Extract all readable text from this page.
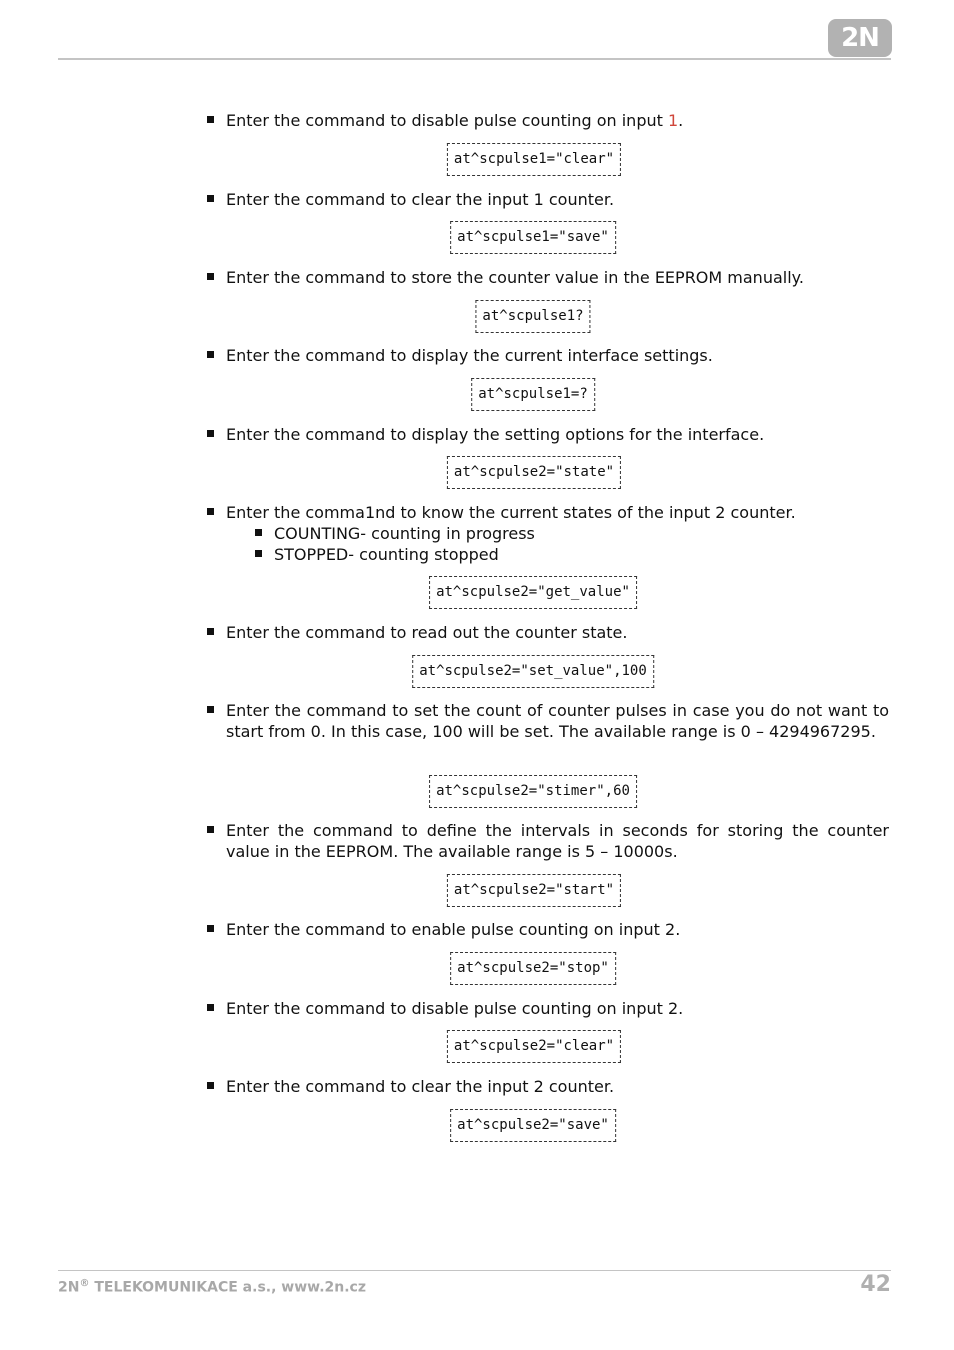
2N
Enter the command to disable pulse counting on input 1.
at^scpulse1="clear"
Enter the command to clear the input 1 counter.
at^scpulse1="save"
Enter the command to store the counter value in the EEPROM manually.
at^scpulse1?
Enter the command to display the current interface settings.
at^scpulse1=?
Enter the command to display the setting options for the interface.
at^scpulse2="state"
Enter the comma1nd to know the current states of the input 2 counter.
COUNTING- counting in progress
STOPPED- counting stopped
at^scpulse2="get_value"
Enter the command to read out the counter state.
at^scpulse2="set_value",100
Enter the command to set the count of counter pulses in case you do not want to start from 0. In this case, 100 will be set. The available range is 0 – 4294967295.
at^scpulse2="stimer",60
Enter the command to define the intervals in seconds for storing the counter value in the EEPROM. The available range is 5 – 10000s.
at^scpulse2="start"
Enter the command to enable pulse counting on input 2.
at^scpulse2="stop"
Enter the command to disable pulse counting on input 2.
at^scpulse2="clear"
Enter the command to clear the input 2 counter.
at^scpulse2="save"
2N® TELEKOMUNIKACE a.s., www.2n.cz	42
